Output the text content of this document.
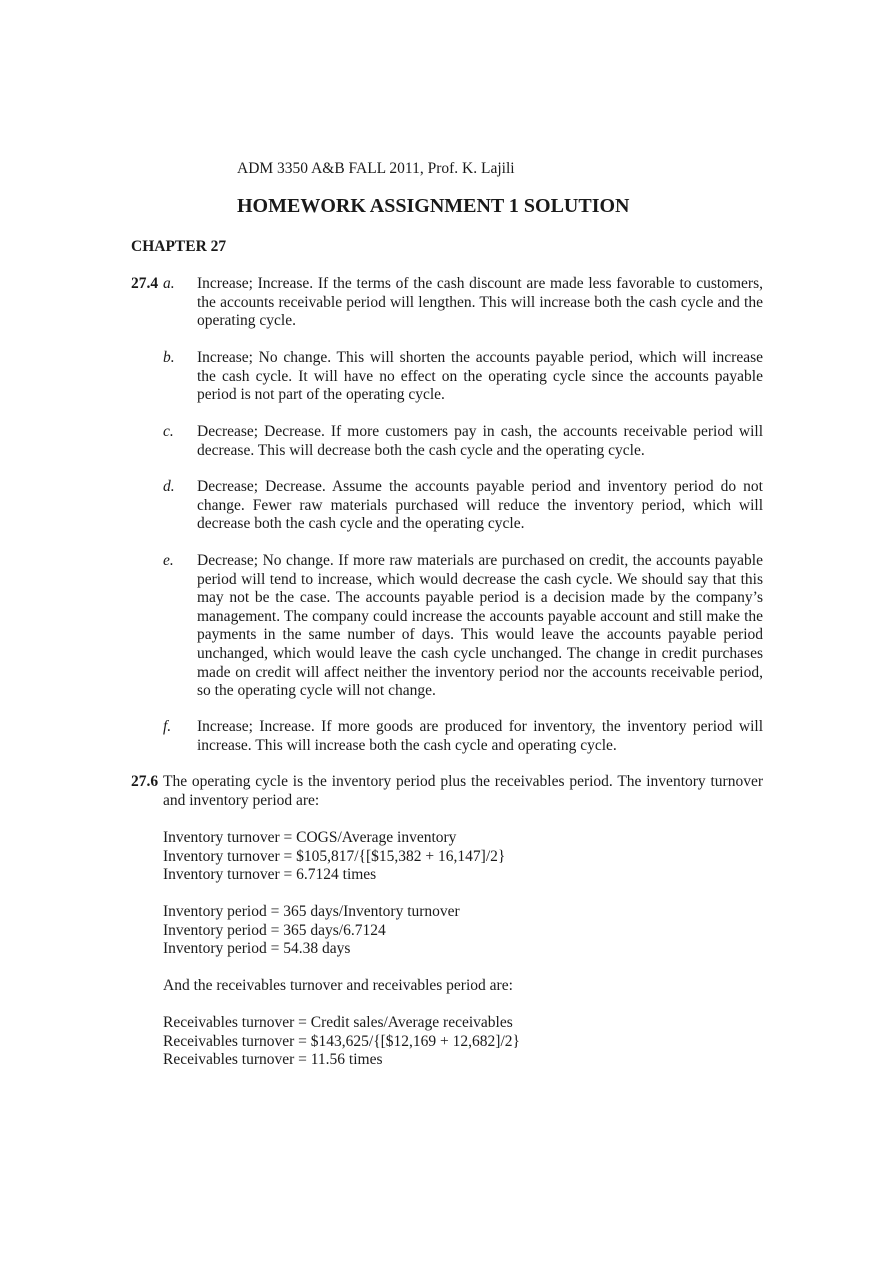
ADM 3350 A&B FALL 2011, Prof. K. Lajili
HOMEWORK ASSIGNMENT 1 SOLUTION
CHAPTER 27
27.4 a. Increase; Increase. If the terms of the cash discount are made less favorable to customers, the accounts receivable period will lengthen. This will increase both the cash cycle and the operating cycle.
b. Increase; No change. This will shorten the accounts payable period, which will increase the cash cycle. It will have no effect on the operating cycle since the accounts payable period is not part of the operating cycle.
c. Decrease; Decrease. If more customers pay in cash, the accounts receivable period will decrease. This will decrease both the cash cycle and the operating cycle.
d. Decrease; Decrease. Assume the accounts payable period and inventory period do not change. Fewer raw materials purchased will reduce the inventory period, which will decrease both the cash cycle and the operating cycle.
e. Decrease; No change. If more raw materials are purchased on credit, the accounts payable period will tend to increase, which would decrease the cash cycle. We should say that this may not be the case. The accounts payable period is a decision made by the company’s management. The company could increase the accounts payable account and still make the payments in the same number of days. This would leave the accounts payable period unchanged, which would leave the cash cycle unchanged. The change in credit purchases made on credit will affect neither the inventory period nor the accounts receivable period, so the operating cycle will not change.
f. Increase; Increase. If more goods are produced for inventory, the inventory period will increase. This will increase both the cash cycle and operating cycle.
27.6 The operating cycle is the inventory period plus the receivables period. The inventory turnover and inventory period are:
Inventory turnover = COGS/Average inventory
Inventory turnover = $105,817/{[$15,382 + 16,147]/2}
Inventory turnover = 6.7124 times
Inventory period = 365 days/Inventory turnover
Inventory period = 365 days/6.7124
Inventory period = 54.38 days
And the receivables turnover and receivables period are:
Receivables turnover = Credit sales/Average receivables
Receivables turnover = $143,625/{[$12,169 + 12,682]/2}
Receivables turnover = 11.56 times
